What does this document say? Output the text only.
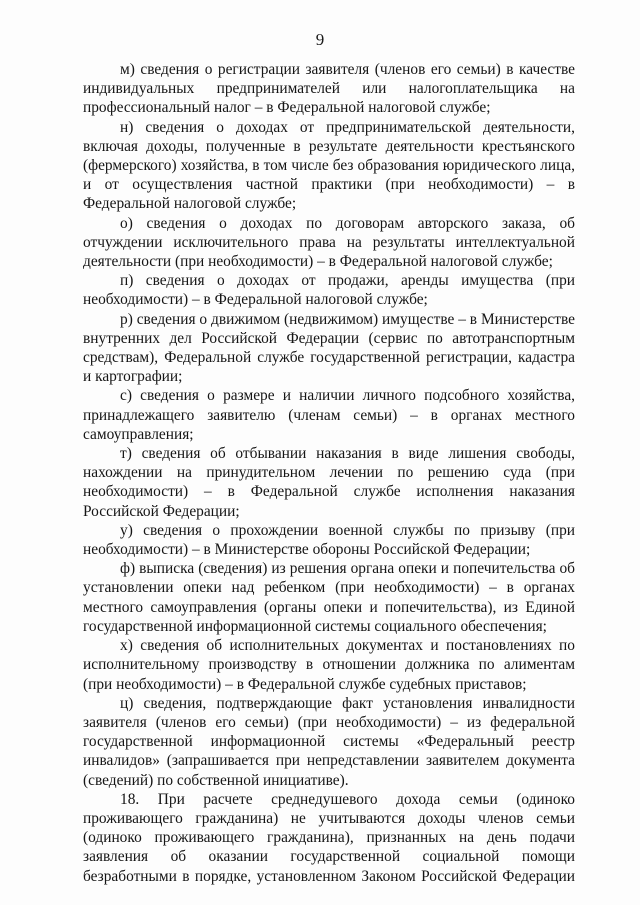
9

м) сведения о регистрации заявителя (членов его семьи) в качестве индивидуальных предпринимателей или налогоплательщика на профессиональный налог – в Федеральной налоговой службе;

н) сведения о доходах от предпринимательской деятельности, включая доходы, полученные в результате деятельности крестьянского (фермерского) хозяйства, в том числе без образования юридического лица, и от осуществления частной практики (при необходимости) – в Федеральной налоговой службе;

о) сведения о доходах по договорам авторского заказа, об отчуждении исключительного права на результаты интеллектуальной деятельности (при необходимости) – в Федеральной налоговой службе;

п) сведения о доходах от продажи, аренды имущества (при необходимости) – в Федеральной налоговой службе;

р) сведения о движимом (недвижимом) имуществе – в Министерстве внутренних дел Российской Федерации (сервис по автотранспортным средствам), Федеральной службе государственной регистрации, кадастра и картографии;

с) сведения о размере и наличии личного подсобного хозяйства, принадлежащего заявителю (членам семьи) – в органах местного самоуправления;

т) сведения об отбывании наказания в виде лишения свободы, нахождении на принудительном лечении по решению суда (при необходимости) – в Федеральной службе исполнения наказания Российской Федерации;

у) сведения о прохождении военной службы по призыву (при необходимости) – в Министерстве обороны Российской Федерации;

ф) выписка (сведения) из решения органа опеки и попечительства об установлении опеки над ребенком (при необходимости) – в органах местного самоуправления (органы опеки и попечительства), из Единой государственной информационной системы социального обеспечения;

х) сведения об исполнительных документах и постановлениях по исполнительному производству в отношении должника по алиментам (при необходимости) – в Федеральной службе судебных приставов;

ц) сведения, подтверждающие факт установления инвалидности заявителя (членов его семьи) (при необходимости) – из федеральной государственной информационной системы «Федеральный реестр инвалидов» (запрашивается при непредставлении заявителем документа (сведений) по собственной инициативе).

18. При расчете среднедушевого дохода семьи (одиноко проживающего гражданина) не учитываются доходы членов семьи (одиноко проживающего гражданина), признанных на день подачи заявления об оказании государственной социальной помощи безработными в порядке, установленном Законом Российской Федерации
